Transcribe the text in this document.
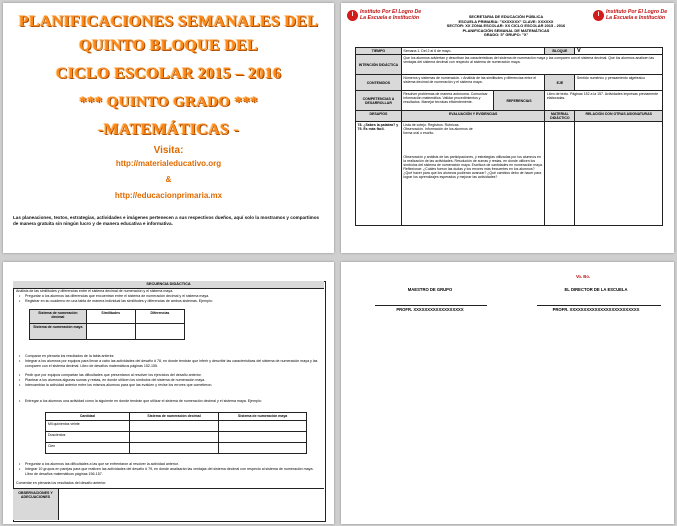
PLANIFICACIONES SEMANALES DEL
QUINTO BLOQUE DEL
CICLO ESCOLAR 2015 – 2016
*** QUINTO GRADO ***
-MATEMÁTICAS -
Visita:
http://materialeducativo.org
&
http://educacionprimaria.mx
Las planeaciones, textos, estrategias, actividades e imágenes pertenecen a sus respectivos dueños, aquí solo la mostramos y compartimos de manera gratuita sin ningún lucro y de manera educativa e informativa.
I	Instituto Por El Logro De
La Escuela e Institución
I	Instituto Por El Logro De
La Escuela e Institución
SECRETARIA DE EDUCACIÓN PÚBLICA
ESCUELA PRIMARIA: "XXXXXXX" CLAVE: XXXXXX
SECTOR: XX ZONA ESCOLAR: XX CICLO ESCOLAR 2015 - 2016
PLANIFICACIÓN SEMANAL DE MATEMÁTICAS
GRADO: 5° GRUPO: "X"
TIEMPO	Semana 1. Del 2 al 6 de mayo.		BLOQUE	V
INTENCIÓN DIDÁCTICA	Que los alumnos adviertan y describan las características del sistema de numeración maya y las comparen con el sistema decimal. Que los alumnos analicen las ventajas del sistema decimal con respecto al sistema de numeración maya.			
CONTENIDOS	Números y sistemas de numeración. • Análisis de las similitudes y diferencias entre el sistema decimal de numeración y el sistema maya.		EJE	Sentido numérico y pensamiento algebraico
COMPETENCIAS A DESARROLLAR	Resolver problemas de manera autónoma. Comunicar información matemática. Validar procedimientos y resultados. Manejar técnicas eficientemente.	REFERENCIAS	Libro de texto. Páginas 152 a la 157. Actividades impresas previamente elaboradas.	
DESAFÍOS	EVALUACIÓN Y EVIDENCIAS		MATERIAL DIDÁCTICO	RELACIÓN CON OTRAS ASIGNATURAS
78. ¿Sabes la palabra? y 79. Es más fácil.	Lista de cotejo. Registros. Rúbricas. Observación. Información de los alumnos de forma oral o escrito.
Observación y análisis de las participaciones, y estrategias utilizadas por los alumnos en la realización de las actividades. Resolución de sumas y restas, en donde utilicen los símbolos del sistema de numeración maya. Escritura de cantidades en numeración maya. Reflexionar: ¿Cuáles fueron las dudas y los errores más frecuentes en los alumnos? ¿Qué hacer para que los alumnos pudieran avanzar? ¿Qué cambios debo de hacer para lograr los aprendizajes esperados y mejorar las actividades?			

SECUENCIA DIDÁCTICA
Análisis de las similitudes y diferencias entre el sistema decimal de numeración y el sistema maya.
• Preguntar a los alumnos las diferencias que encuentran entre el sistema de numeración decimal y el sistema maya.
• Registrar en su cuaderno en una tabla de manera individual las similitudes y diferencias de ambos sistemas. Ejemplo:
Sistema de numeración decimal	Similitudes	Diferencias
Sistema de numeración maya		
• Comparar en plenaria los resultados de la tabla anterior.
• Integrar a los alumnos por equipos para llevar a cabo las actividades del desafío # 78, en donde tendrán que inferir y describir las características del sistema de numeración maya y las comparen con el sistema decimal. Libro de desafíos matemáticos páginas 152-155.
• Pedir que por equipos compartan las dificultades que presentaron al resolver los ejercicios del desafío anterior.
• Plantear a los alumnos algunas sumas y restas, en donde utilicen los símbolos del sistema de numeración maya.
• Intercambiar la actividad anterior entre los mismos alumnos para que las evalúen y revise los errores que cometieron.
• Entregar a los alumnos una actividad como la siguiente en donde tendrán que utilizar el sistema de numeración decimal y el sistema maya. Ejemplo:
Cantidad	Sistema de numeración decimal	Sistema de numeración maya
Mil quinientos veinte		
Doscientos		
Cien		
• Preguntar a los alumnos las dificultades a las que se enfrentaron al resolver la actividad anterior.
• Integrar 10 grupos en parejas para que realicen las actividades del desafío # 79, en donde analizarán las ventajas del sistema decimal con respecto al sistema de numeración maya. Libro de desafíos matemáticos páginas 156-157.
Comentar en plenaria los resultados del desafío anterior.
OBSERVACIONES Y ADECUACIONES
Vo. Bo.
MAESTRO DE GRUPO	EL DIRECTOR DE LA ESCUELA
PROFR. XXXXXXXXXXXXXXXXXX	PROFR. XXXXXXXXXXXXXXXXXXXXXXXXX
